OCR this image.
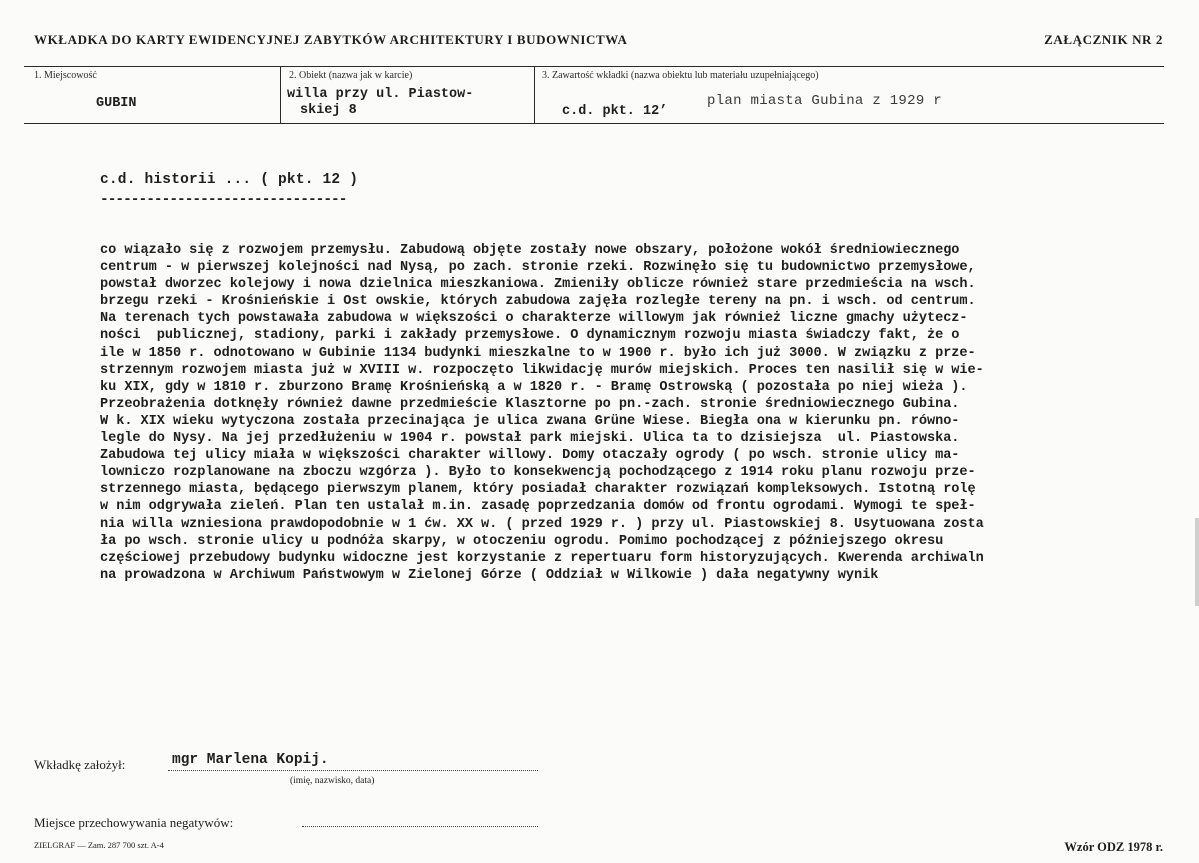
WKŁADKA DO KARTY EWIDENCYJNEJ ZABYTKÓW ARCHITEKTURY I BUDOWNICTWA	ZAŁĄCZNIK NR 2
1. Miejscowość
GUBIN
2. Obiekt (nazwa jak w karcie)
willa przy ul. Piastow-
skiej 8
3. Zawartość wkładki (nazwa obiektu lub materiału uzupełniającego)
c.d. pkt. 12’
plan miasta Gubina z 1929 r
c.d. historii ... ( pkt. 12 )
--------------------------------
co wiązało się z rozwojem przemysłu. Zabudową objęte zostały nowe obszary, położone wokół średniowiecznego
centrum - w pierwszej kolejności nad Nysą, po zach. stronie rzeki. Rozwinęło się tu budownictwo przemysłowe,
powstał dworzec kolejowy i nowa dzielnica mieszkaniowa. Zmieniły oblicze również stare przedmieścia na wsch.
brzegu rzeki - Krośnieńskie i Ost owskie, których zabudowa zajęła rozległe tereny na pn. i wsch. od centrum.
Na terenach tych powstawała zabudowa w większości o charakterze willowym jak również liczne gmachy użytecz-
ności  publicznej, stadiony, parki i zakłady przemysłowe. O dynamicznym rozwoju miasta świadczy fakt, że o
ile w 1850 r. odnotowano w Gubinie 1134 budynki mieszkalne to w 1900 r. było ich już 3000. W związku z prze-
strzennym rozwojem miasta już w XVIII w. rozpoczęto likwidację murów miejskich. Proces ten nasilił się w wie-
ku XIX, gdy w 1810 r. zburzono Bramę Krośnieńską a w 1820 r. - Bramę Ostrowską ( pozostała po niej wieża ).
Przeobrażenia dotknęły również dawne przedmieście Klasztorne po pn.-zach. stronie średniowiecznego Gubina.
W k. XIX wieku wytyczona została przecinająca je ulica zwana Grüne Wiese. Biegła ona w kierunku pn. równo-
legle do Nysy. Na jej przedłużeniu w 1904 r. powstał park miejski. Ulica ta to dzisiejsza  ul. Piastowska.
Zabudowa tej ulicy miała w większości charakter willowy. Domy otaczały ogrody ( po wsch. stronie ulicy ma-
lowniczo rozplanowane na zboczu wzgórza ). Było to konsekwencją pochodzącego z 1914 roku planu rozwoju prze-
strzennego miasta, będącego pierwszym planem, który posiadał charakter rozwiązań kompleksowych. Istotną rolę
w nim odgrywała zieleń. Plan ten ustalał m.in. zasadę poprzedzania domów od frontu ogrodami. Wymogi te speł-
nia willa wzniesiona prawdopodobnie w 1 ćw. XX w. ( przed 1929 r. ) przy ul. Piastowskiej 8. Usytuowana zosta
ła po wsch. stronie ulicy u podnóża skarpy, w otoczeniu ogrodu. Pomimo pochodzącej z późniejszego okresu
częściowej przebudowy budynku widoczne jest korzystanie z repertuaru form historyzujących. Kwerenda archiwaln
na prowadzona w Archiwum Państwowym w Zielonej Górze ( Oddział w Wilkowie ) dała negatywny wynik
Wkładkę założył:	mgr Marlena Kopij.
(imię, nazwisko, data)
Miejsce przechowywania negatywów:
ZIELGRAF — Zam. 287 700 szt. A-4	Wzór ODZ 1978 r.
